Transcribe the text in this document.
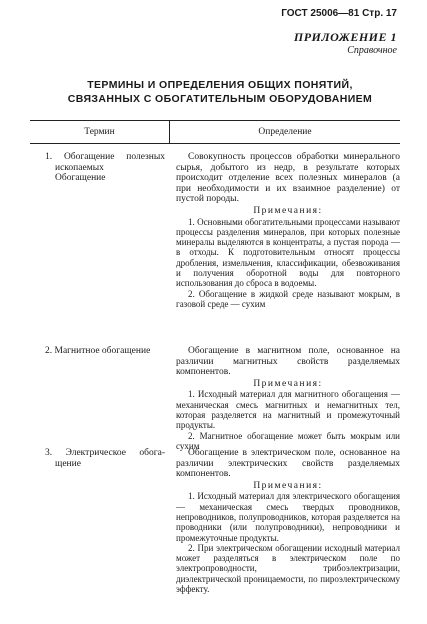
ГОСТ 25006—81 Стр. 17
ПРИЛОЖЕНИЕ 1
Справочное
ТЕРМИНЫ И ОПРЕДЕЛЕНИЯ ОБЩИХ ПОНЯТИЙ,
СВЯЗАННЫХ С ОБОГАТИТЕЛЬНЫМ ОБОРУДОВАНИЕМ
Термин	Определение
1. Обогащение полезных
ископаемых
Обогащение

Совокупность процессов обработки минерального сырья, добытого из недр, в результате которых происходит отделение всех полезных минералов (а при необходимости и их взаимное разделение) от пустой породы.

Примечания:

1. Основными обогатительными процессами называют процессы разделения минералов, при которых полезные минералы выделяются в концентраты, а пустая порода — в отходы. К подготовительным относят процессы дробления, измельчения, классификации, обезвоживания и получения оборотной воды для повторного использования до сброса в водоемы.

2. Обогащение в жидкой среде называют мокрым, в газовой среде — сухим

2. Магнитное обогащение	Обогащение в магнитном поле, основанное на различии магнитных свойств разделяемых компонентов.

Примечания:

1. Исходный материал для магнитного обогащения — механическая смесь магнитных и немагнитных тел, которая разделяется на магнитный и промежуточный продукты.

2. Магнитное обогащение может быть мокрым или сухим

3. Электрическое обога-
щение

Обогащение в электрическом поле, основанное на различии электрических свойств разделяемых компонентов.

Примечания:

1. Исходный материал для электрического обогащения — механическая смесь твердых проводников, непроводников, полупроводников, которая разделяется на проводники (или полупроводники), непроводники и промежуточные продукты.

2. При электрическом обогащении исходный материал может разделяться в электрическом поле по электропроводности, трибоэлектризации, диэлектрической проницаемости, по пироэлектрическому эффекту.
